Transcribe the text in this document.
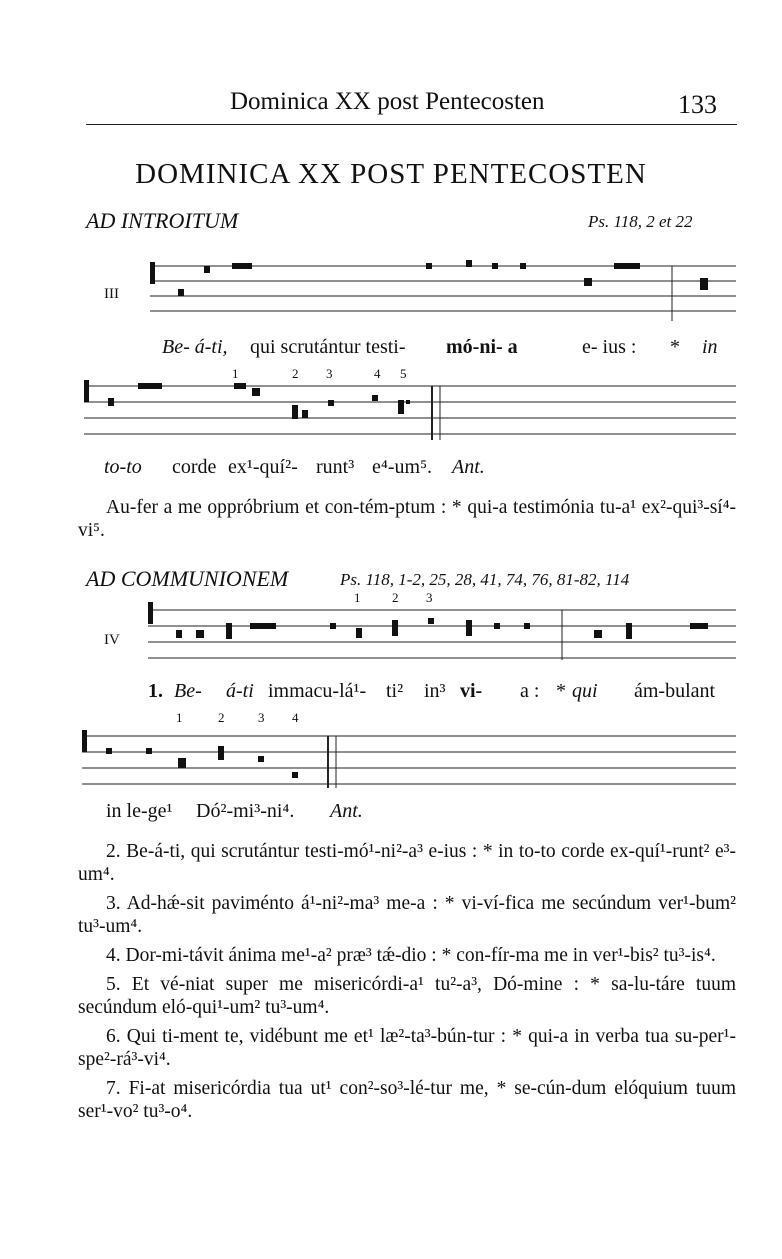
Dominica XX post Pentecosten	133
DOMINICA XX POST PENTECOSTEN
AD INTROITUM	Ps. 118, 2 et 22
III
Be- á-ti, qui scrutántur testi- mó-ni- a	e- ius : * in
1	2 3	4 5
to-to corde ex¹-quí²- runt³ e⁴-um⁵. Ant.

Au-fer a me oppróbrium et con-tém-ptum : * qui-a testimónia tu-a¹ ex²-qui³-sí⁴-vi⁵.

AD COMMUNIONEM	Ps. 118, 1-2, 25, 28, 41, 74, 76, 81-82, 114
IV
1 2 3
1. Be- á-ti immacu-lá¹- ti² in³ vi- a : * qui ám-bulant
1	2	3 4
in le-ge¹ Dó²-mi³-ni⁴. Ant.

2. Be-á-ti, qui scrutántur testi-mó¹-ni²-a³ e-ius : * in to-to corde ex-quí¹-runt² e³-um⁴.

3. Ad-hǽ-sit paviménto á¹-ni²-ma³ me-a : * vi-ví-fica me secúndum ver¹-bum² tu³-um⁴.

4. Dor-mi-távit ánima me¹-a² præ³ tǽ-dio : * con-fír-ma me in ver¹-bis² tu³-is⁴.

5. Et vé-niat super me misericórdi-a¹ tu²-a³, Dó-mine : * sa-lu-táre tuum secúndum eló-qui¹-um² tu³-um⁴.

6. Qui ti-ment te, vidébunt me et¹ læ²-ta³-bún-tur : * qui-a in verba tua su-per¹-spe²-rá³-vi⁴.

7. Fi-at misericórdia tua ut¹ con²-so³-lé-tur me, * se-cún-dum elóquium tuum ser¹-vo² tu³-o⁴.
